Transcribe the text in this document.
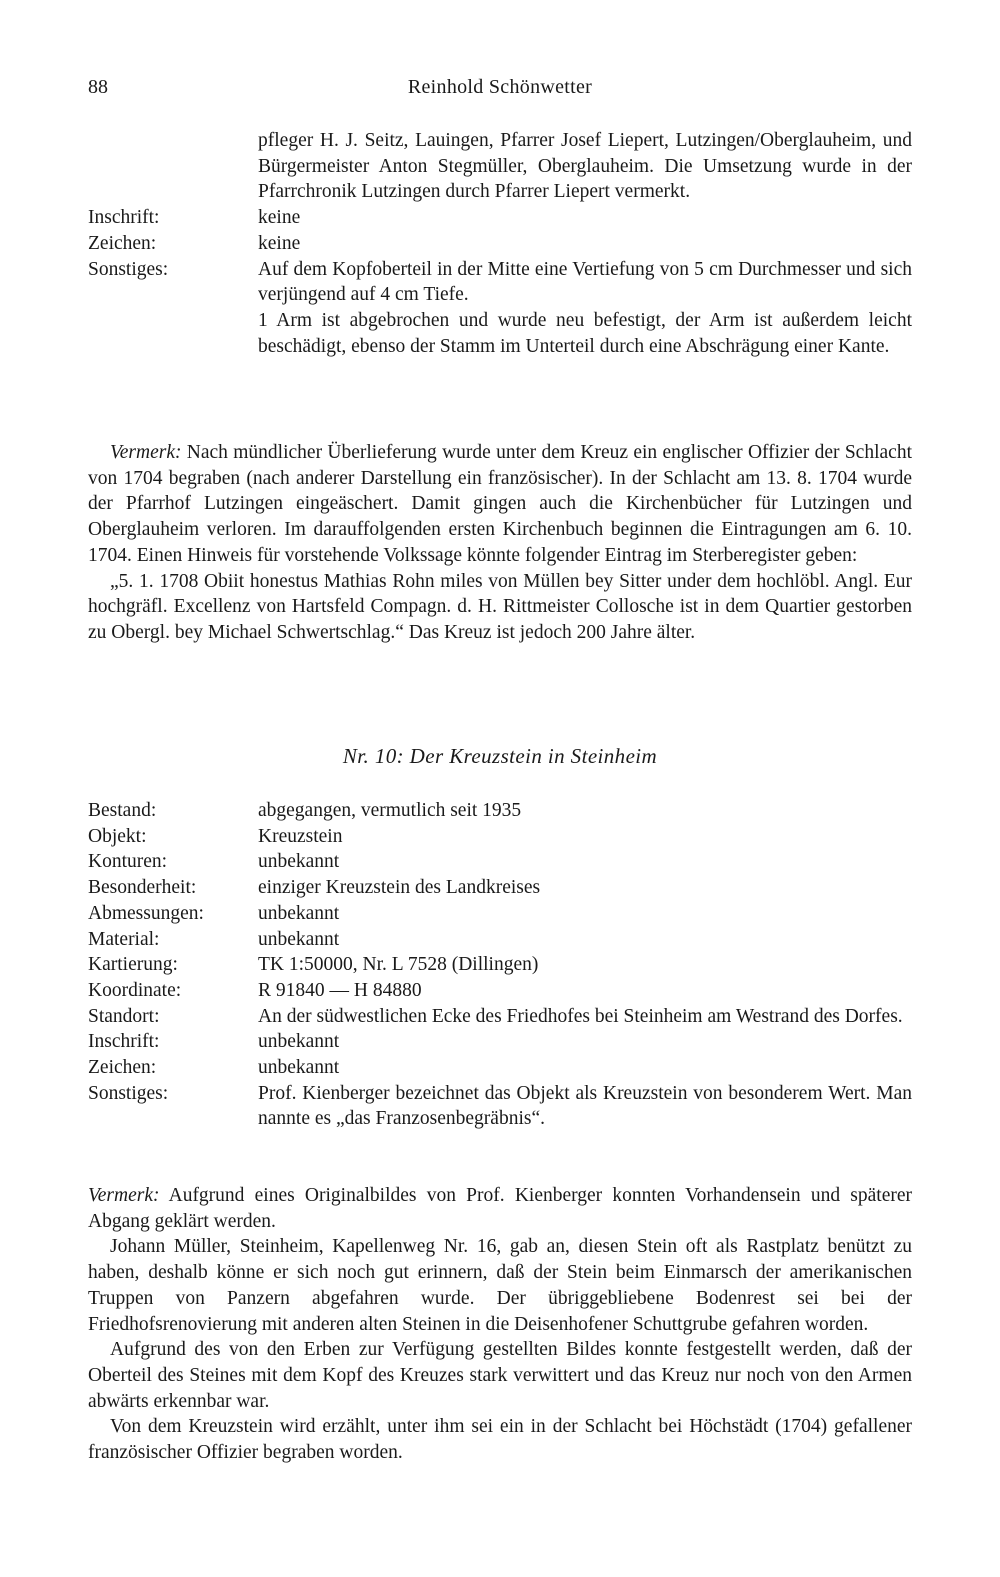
88	Reinhold Schönwetter
pfleger H. J. Seitz, Lauingen, Pfarrer Josef Liepert, Lutzingen/Oberglauheim, und Bürgermeister Anton Stegmüller, Oberglauheim. Die Umsetzung wurde in der Pfarrchronik Lutzingen durch Pfarrer Liepert vermerkt.
Inschrift:	keine
Zeichen:	keine
Sonstiges:	Auf dem Kopfoberteil in der Mitte eine Vertiefung von 5 cm Durchmesser und sich verjüngend auf 4 cm Tiefe.

1 Arm ist abgebrochen und wurde neu befestigt, der Arm ist außerdem leicht beschädigt, ebenso der Stamm im Unterteil durch eine Abschrägung einer Kante.

Vermerk: Nach mündlicher Überlieferung wurde unter dem Kreuz ein englischer Offizier der Schlacht von 1704 begraben (nach anderer Darstellung ein französischer). In der Schlacht am 13. 8. 1704 wurde der Pfarrhof Lutzingen eingeäschert. Damit gingen auch die Kirchenbücher für Lutzingen und Oberglauheim verloren. Im darauffolgenden ersten Kirchenbuch beginnen die Eintragungen am 6. 10. 1704. Einen Hinweis für vorstehende Volkssage könnte folgender Eintrag im Sterberegister geben:

„5. 1. 1708 Obiit honestus Mathias Rohn miles von Müllen bey Sitter under dem hochlöbl. Angl. Eur hochgräfl. Excellenz von Hartsfeld Compagn. d. H. Rittmeister Collosche ist in dem Quartier gestorben zu Obergl. bey Michael Schwertschlag.“ Das Kreuz ist jedoch 200 Jahre älter.

Nr. 10: Der Kreuzstein in Steinheim
Bestand:	abgegangen, vermutlich seit 1935
Objekt:	Kreuzstein
Konturen:	unbekannt
Besonderheit:	einziger Kreuzstein des Landkreises
Abmessungen:	unbekannt
Material:	unbekannt
Kartierung:	TK 1:50000, Nr. L 7528 (Dillingen)
Koordinate:	R 91840 — H 84880
Standort:	An der südwestlichen Ecke des Friedhofes bei Steinheim am Westrand des Dorfes.
Inschrift:	unbekannt
Zeichen:	unbekannt
Sonstiges:	Prof. Kienberger bezeichnet das Objekt als Kreuzstein von besonderem Wert. Man nannte es „das Franzosenbegräbnis“.

Vermerk: Aufgrund eines Originalbildes von Prof. Kienberger konnten Vorhandensein und späterer Abgang geklärt werden.

Johann Müller, Steinheim, Kapellenweg Nr. 16, gab an, diesen Stein oft als Rastplatz benützt zu haben, deshalb könne er sich noch gut erinnern, daß der Stein beim Einmarsch der amerikanischen Truppen von Panzern abgefahren wurde. Der übriggebliebene Bodenrest sei bei der Friedhofsrenovierung mit anderen alten Steinen in die Deisenhofener Schuttgrube gefahren worden.

Aufgrund des von den Erben zur Verfügung gestellten Bildes konnte festgestellt werden, daß der Oberteil des Steines mit dem Kopf des Kreuzes stark verwittert und das Kreuz nur noch von den Armen abwärts erkennbar war.

Von dem Kreuzstein wird erzählt, unter ihm sei ein in der Schlacht bei Höchstädt (1704) gefallener französischer Offizier begraben worden.
